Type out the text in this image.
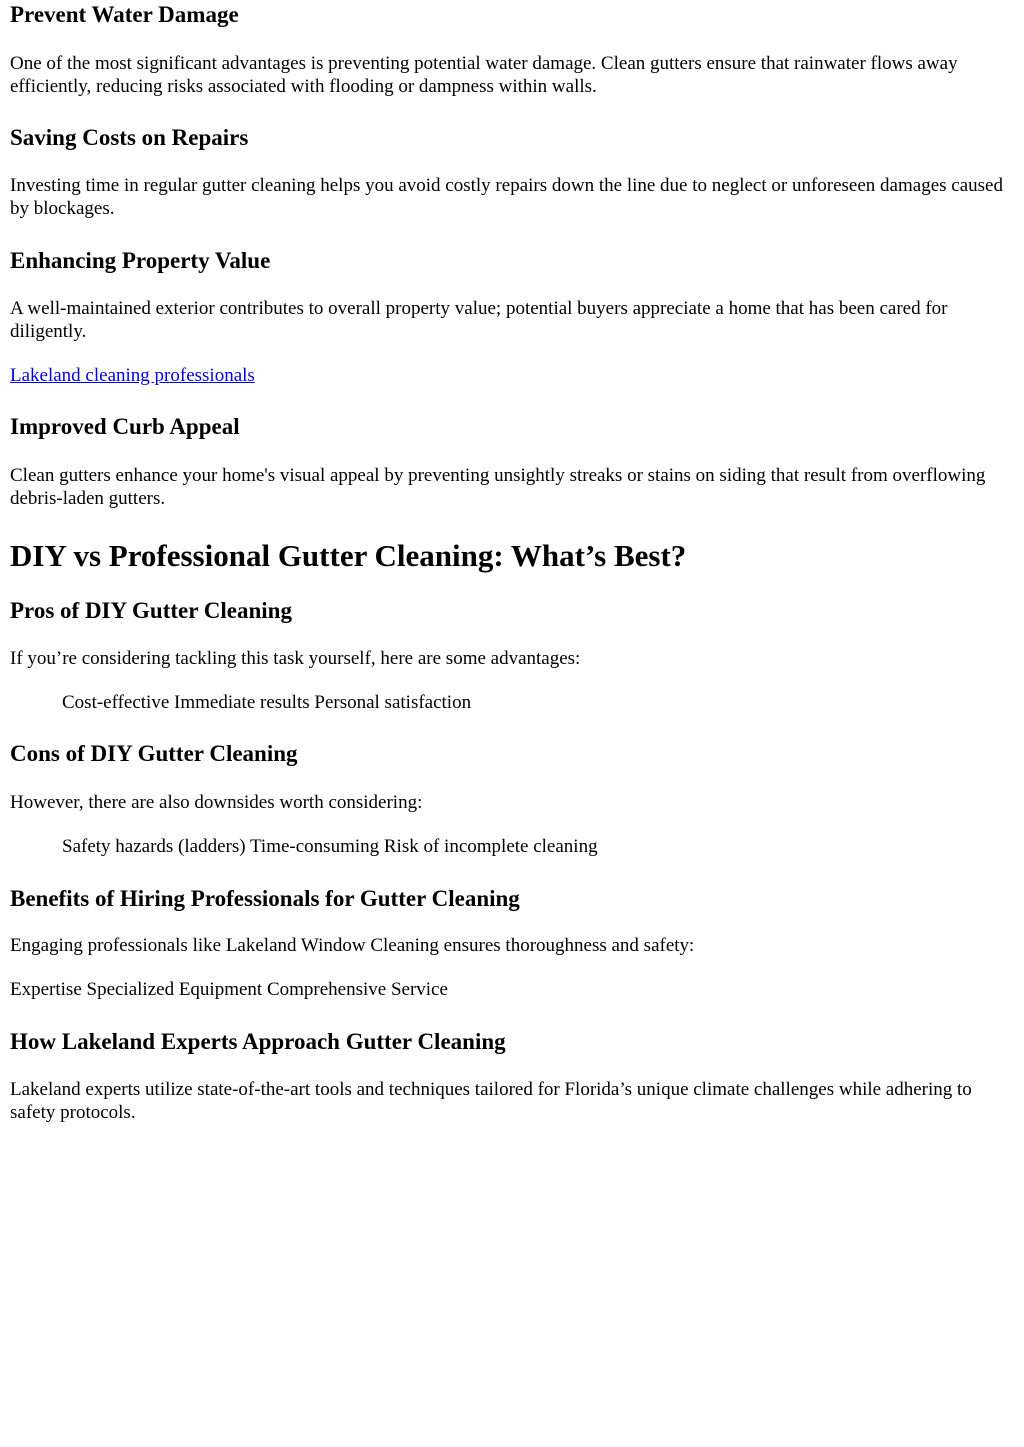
Prevent Water Damage

One of the most significant advantages is preventing potential water damage. Clean gutters ensure that rainwater flows away efficiently, reducing risks associated with flooding or dampness within walls.

Saving Costs on Repairs

Investing time in regular gutter cleaning helps you avoid costly repairs down the line due to neglect or unforeseen damages caused by blockages.

Enhancing Property Value

A well-maintained exterior contributes to overall property value; potential buyers appreciate a home that has been cared for diligently.

Lakeland cleaning professionals

Improved Curb Appeal

Clean gutters enhance your home's visual appeal by preventing unsightly streaks or stains on siding that result from overflowing debris-laden gutters.

DIY vs Professional Gutter Cleaning: What’s Best?
Pros of DIY Gutter Cleaning

If you’re considering tackling this task yourself, here are some advantages:

Cost-effective Immediate results Personal satisfaction

Cons of DIY Gutter Cleaning

However, there are also downsides worth considering:

Safety hazards (ladders) Time-consuming Risk of incomplete cleaning

Benefits of Hiring Professionals for Gutter Cleaning

Engaging professionals like Lakeland Window Cleaning ensures thoroughness and safety:

Expertise Specialized Equipment Comprehensive Service

How Lakeland Experts Approach Gutter Cleaning

Lakeland experts utilize state-of-the-art tools and techniques tailored for Florida’s unique climate challenges while adhering to safety protocols.
